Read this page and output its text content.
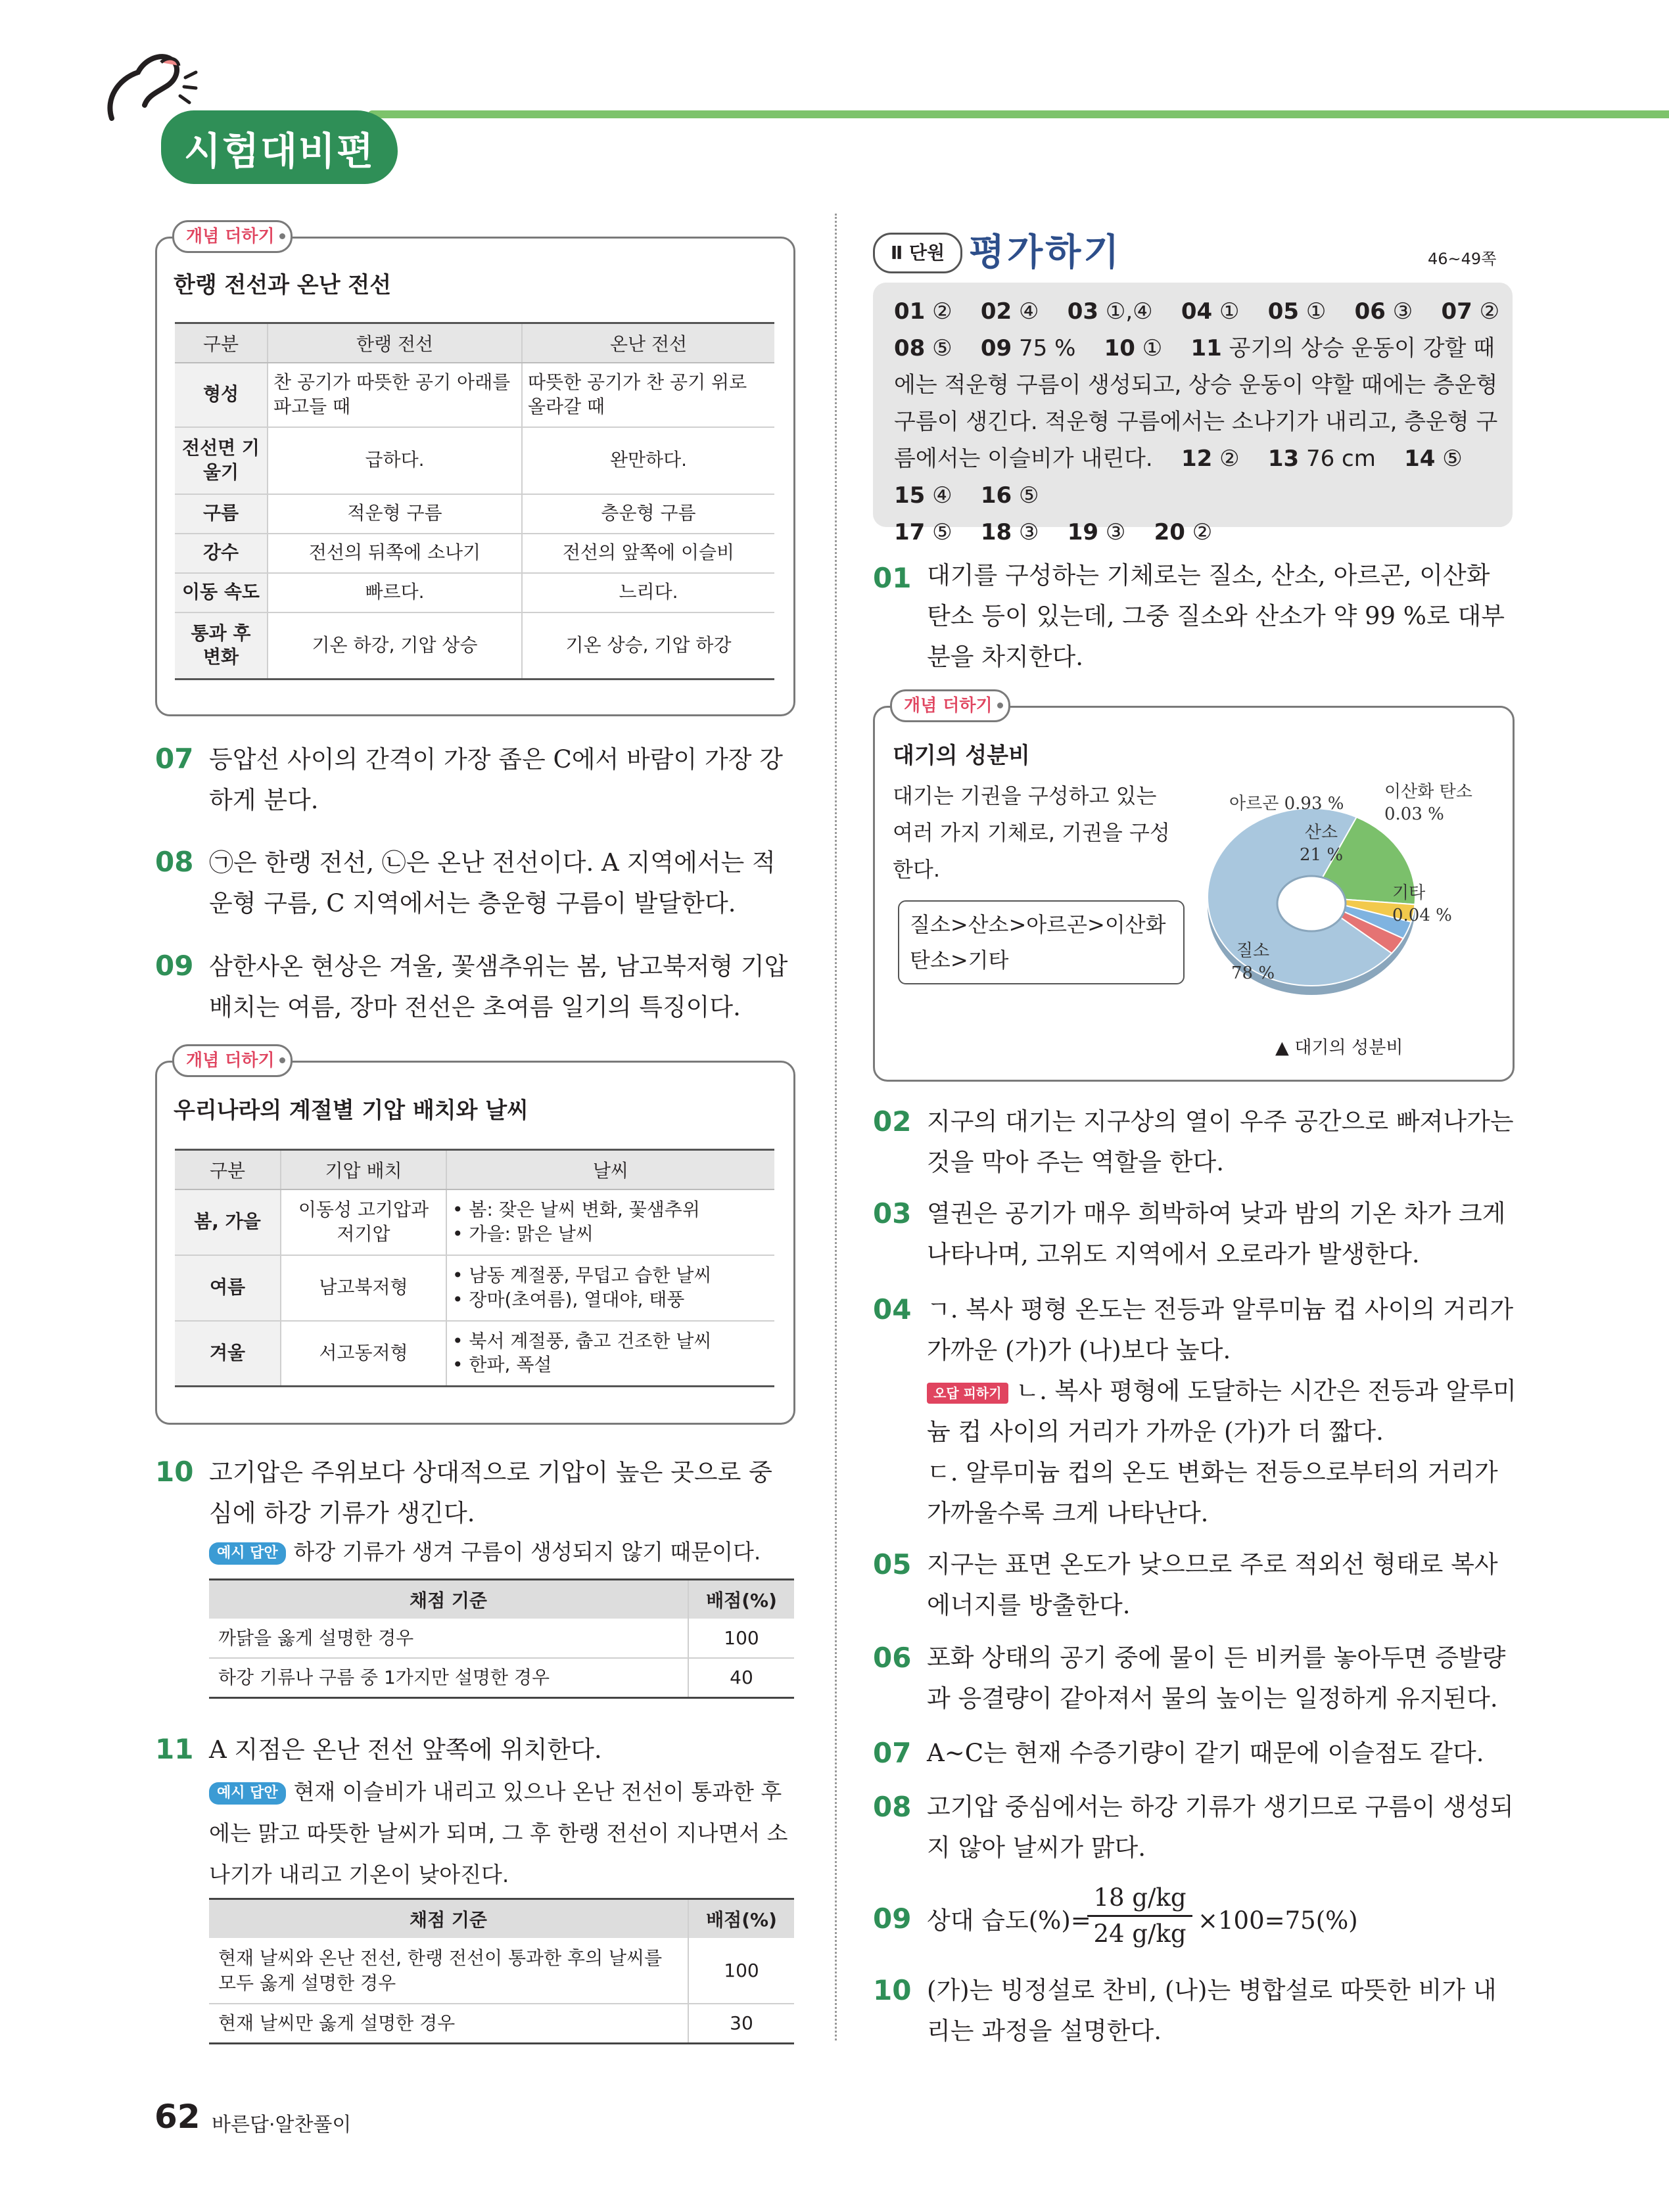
시험대비편
개념 더하기
한랭 전선과 온난 전선
구분	한랭 전선	온난 전선
형성	찬 공기가 따뜻한 공기 아래를 파고들 때	따뜻한 공기가 찬 공기 위로 올라갈 때
전선면 기울기	급하다.	완만하다.
구름	적운형 구름	층운형 구름
강수	전선의 뒤쪽에 소나기	전선의 앞쪽에 이슬비
이동 속도	빠르다.	느리다.
통과 후 변화	기온 하강, 기압 상승	기온 상승, 기압 하강
07 등압선 사이의 간격이 가장 좁은 C에서 바람이 가장 강하게 분다.
08 ㉠은 한랭 전선, ㉡은 온난 전선이다. A 지역에서는 적운형 구름, C 지역에서는 층운형 구름이 발달한다.
09 삼한사온 현상은 겨울, 꽃샘추위는 봄, 남고북저형 기압 배치는 여름, 장마 전선은 초여름 일기의 특징이다.
개념 더하기
우리나라의 계절별 기압 배치와 날씨
구분	기압 배치	날씨
봄, 가을	이동성 고기압과 저기압	• 봄: 잦은 날씨 변화, 꽃샘추위
• 가을: 맑은 날씨

여름	남고북저형	• 남동 계절풍, 무덥고 습한 날씨
• 장마(초여름), 열대야, 태풍

겨울	서고동저형	• 북서 계절풍, 춥고 건조한 날씨
• 한파, 폭설
10 고기압은 주위보다 상대적으로 기압이 높은 곳으로 중심에 하강 기류가 생긴다.
예시 답안 하강 기류가 생겨 구름이 생성되지 않기 때문이다.
채점 기준	배점(%)
까닭을 옳게 설명한 경우	100
하강 기류나 구름 중 1가지만 설명한 경우	40
11 A 지점은 온난 전선 앞쪽에 위치한다.
예시 답안 현재 이슬비가 내리고 있으나 온난 전선이 통과한 후에는 맑고 따뜻한 날씨가 되며, 그 후 한랭 전선이 지나면서 소나기가 내리고 기온이 낮아진다.
채점 기준	배점(%)
현재 날씨와 온난 전선, 한랭 전선이 통과한 후의 날씨를 모두 옳게 설명한 경우	100
현재 날씨만 옳게 설명한 경우	30
Ⅱ 단원 평가하기	46~49쪽
01 ② 02 ④ 03 ①,④ 04 ① 05 ① 06 ③ 07 ②
08 ⑤ 09 75 % 10 ① 11 공기의 상승 운동이 강할 때에는 적운형 구름이 생성되고, 상승 운동이 약할 때에는 층운형 구름이 생긴다. 적운형 구름에서는 소나기가 내리고, 층운형 구름에서는 이슬비가 내린다. 12 ② 13 76 cm 14 ⑤    15 ④ 16 ⑤
17 ⑤ 18 ③ 19 ③ 20 ②
01 대기를 구성하는 기체로는 질소, 산소, 아르곤, 이산화 탄소 등이 있는데, 그중 질소와 산소가 약 99 %로 대부분을 차지한다.
개념 더하기
대기의 성분비
대기는 기권을 구성하고 있는 여러 가지 기체로, 기권을 구성한다.
질소>산소>아르곤>이산화 탄소>기타
아르곤 0.93 %
이산화 탄소
0.03 %
산소
21 %
기타
0.04 %
질소
78 %
▲ 대기의 성분비
02 지구의 대기는 지구상의 열이 우주 공간으로 빠져나가는 것을 막아 주는 역할을 한다.
03 열권은 공기가 매우 희박하여 낮과 밤의 기온 차가 크게 나타나며, 고위도 지역에서 오로라가 발생한다.
04 ㄱ. 복사 평형 온도는 전등과 알루미늄 컵 사이의 거리가 가까운 (가)가 (나)보다 높다.
오답 피하기 ㄴ. 복사 평형에 도달하는 시간은 전등과 알루미늄 컵 사이의 거리가 가까운 (가)가 더 짧다.
ㄷ. 알루미늄 컵의 온도 변화는 전등으로부터의 거리가 가까울수록 크게 나타난다.
05 지구는 표면 온도가 낮으므로 주로 적외선 형태로 복사 에너지를 방출한다.
06 포화 상태의 공기 중에 물이 든 비커를 놓아두면 증발량과 응결량이 같아져서 물의 높이는 일정하게 유지된다.
07 A~C는 현재 수증기량이 같기 때문에 이슬점도 같다.
08 고기압 중심에서는 하강 기류가 생기므로 구름이 생성되지 않아 날씨가 맑다.
09 상대 습도(%)=
$\frac{18 g/kg}{24 g/kg} \times 100=75(\%)$
10 (가)는 빙정설로 찬비, (나)는 병합설로 따뜻한 비가 내리는 과정을 설명한다.
62 바른답·알찬풀이
